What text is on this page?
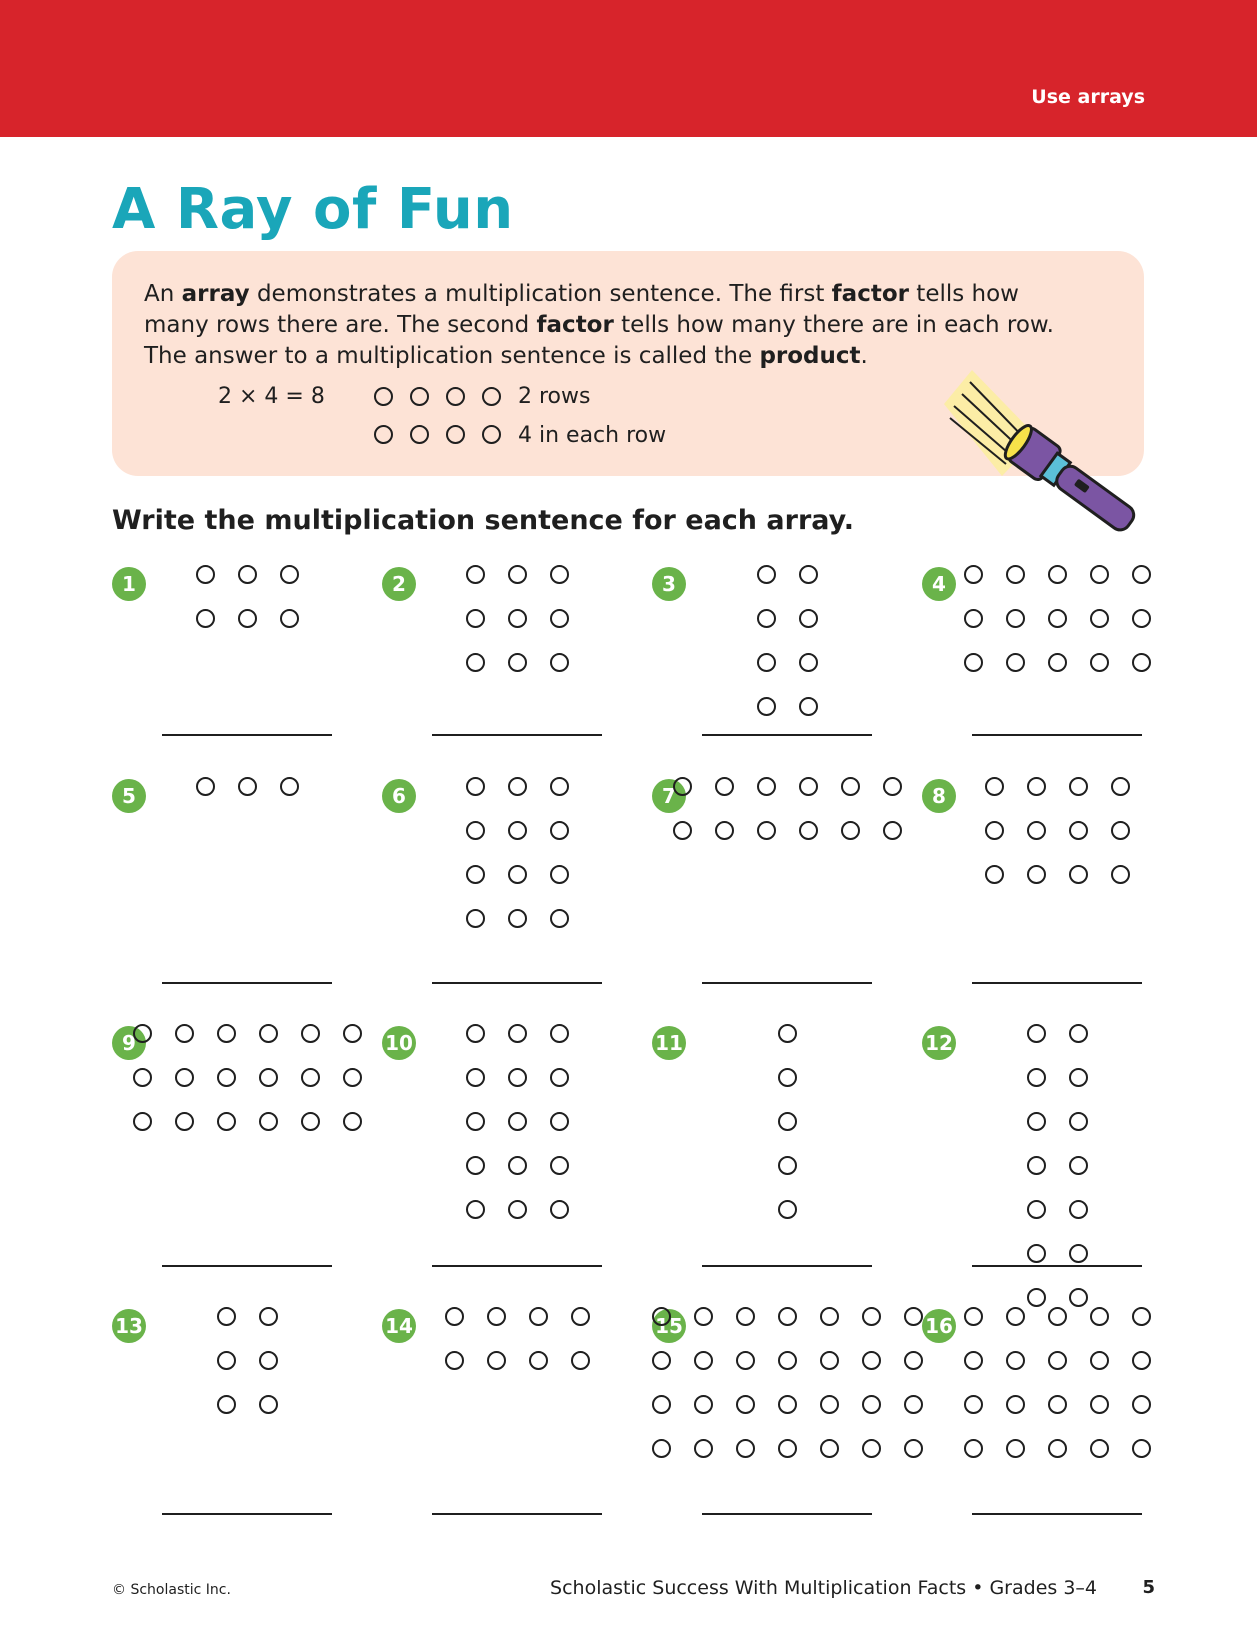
Use arrays
A Ray of Fun

An array demonstrates a multiplication sentence. The first factor tells how many rows there are. The second factor tells how many there are in each row. The answer to a multiplication sentence is called the product.

2 × 4 = 8	2 rows
4 in each row
Write the multiplication sentence for each array.
1	2	3	4
5	6	7	8
9	10	11	12
13	14	15	16
© Scholastic Inc.	Scholastic Success With Multiplication Facts • Grades 3–4	5
